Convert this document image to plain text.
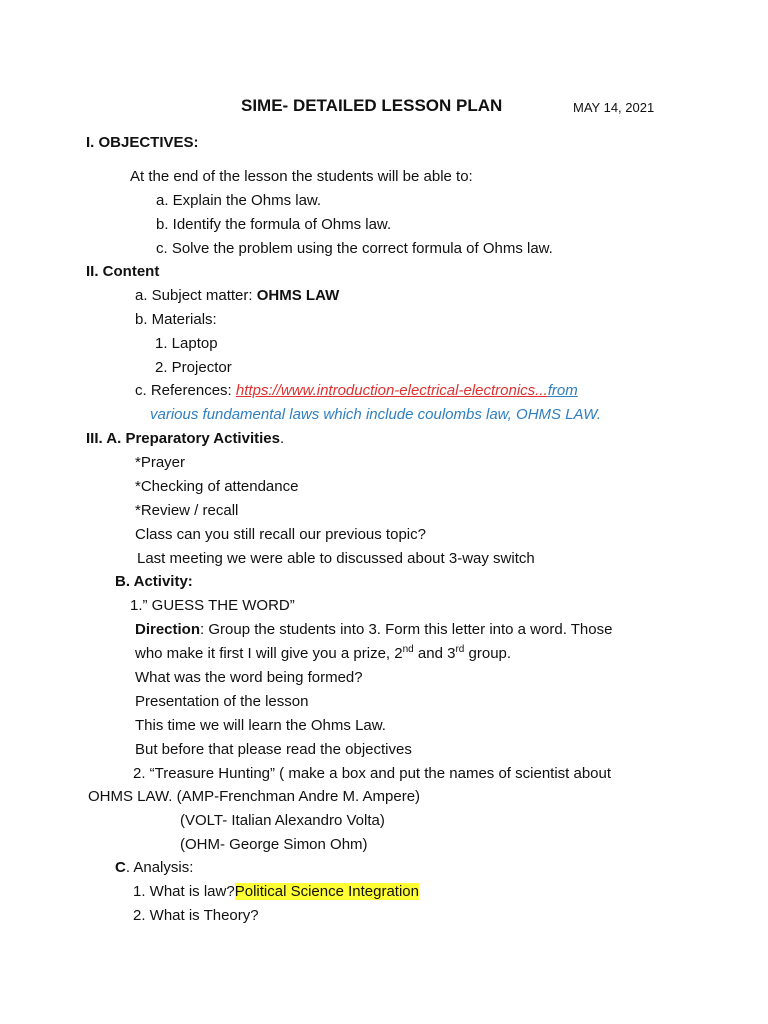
SIME- DETAILED LESSON PLAN	MAY 14, 2021
I. OBJECTIVES:
At the end of the lesson the students will be able to:
a. Explain the Ohms law.
b. Identify the formula of Ohms law.
c. Solve the problem using the correct formula of Ohms law.
II. Content
a. Subject matter: OHMS LAW
b. Materials:
1. Laptop
2. Projector
c. References: https://www.introduction-electrical-electronics...from
various fundamental laws which include coulombs law, OHMS LAW.
III. A. Preparatory Activities.
*Prayer
*Checking of attendance
*Review / recall
Class can you still recall our previous topic?
Last meeting we were able to discussed about 3-way switch
B. Activity:
1.” GUESS THE WORD”
Direction: Group the students into 3. Form this letter into a word. Those
who make it first I will give you a prize, 2nd and 3rd group.
What was the word being formed?
Presentation of the lesson
This time we will learn the Ohms Law.
But before that please read the objectives
2. “Treasure Hunting” ( make a box and put the names of scientist about
OHMS LAW. (AMP-Frenchman Andre M. Ampere)
(VOLT- Italian Alexandro Volta)
(OHM- George Simon Ohm)
C. Analysis:
1. What is law?Political Science Integration
2. What is Theory?
